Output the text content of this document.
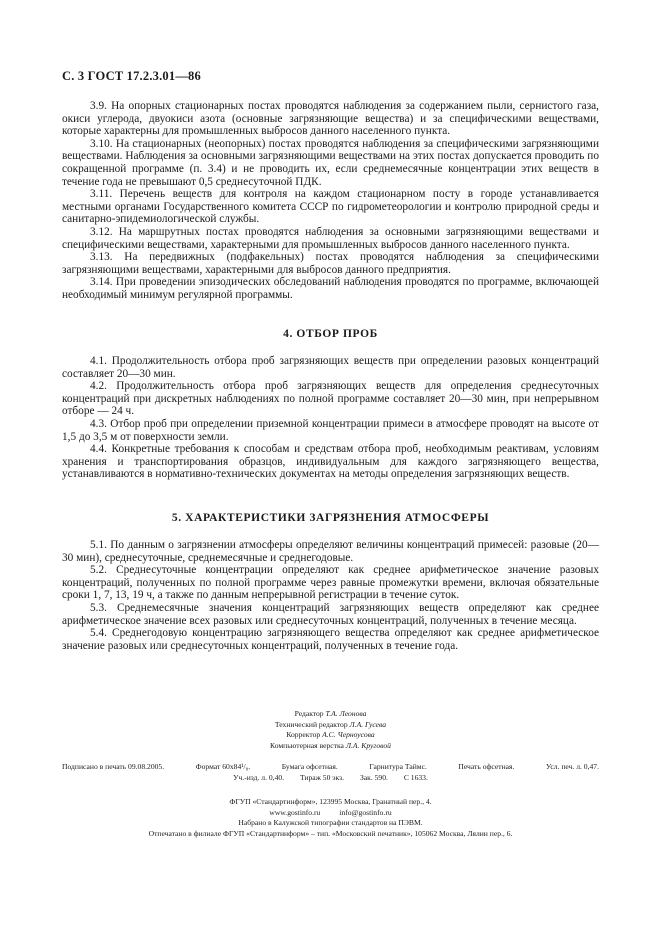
С. 3 ГОСТ 17.2.3.01—86

3.9. На опорных стационарных постах проводятся наблюдения за содержанием пыли, сернистого газа, окиси углерода, двуокиси азота (основные загрязняющие вещества) и за специфическими веществами, которые характерны для промышленных выбросов данного населенного пункта.

3.10. На стационарных (неопорных) постах проводятся наблюдения за специфическими загрязняющими веществами. Наблюдения за основными загрязняющими веществами на этих постах допускается проводить по сокращенной программе (п. 3.4) и не проводить их, если среднемесячные концентрации этих веществ в течение года не превышают 0,5 среднесуточной ПДК.

3.11. Перечень веществ для контроля на каждом стационарном посту в городе устанавливается местными органами Государственного комитета СССР по гидрометеорологии и контролю природной среды и санитарно-эпидемиологической службы.

3.12. На маршрутных постах проводятся наблюдения за основными загрязняющими веществами и специфическими веществами, характерными для промышленных выбросов данного населенного пункта.

3.13. На передвижных (подфакельных) постах проводятся наблюдения за специфическими загрязняющими веществами, характерными для выбросов данного предприятия.

3.14. При проведении эпизодических обследований наблюдения проводятся по программе, включающей необходимый минимум регулярной программы.

4. ОТБОР ПРОБ

4.1. Продолжительность отбора проб загрязняющих веществ при определении разовых концентраций составляет 20—30 мин.

4.2. Продолжительность отбора проб загрязняющих веществ для определения среднесуточных концентраций при дискретных наблюдениях по полной программе составляет 20—30 мин, при непрерывном отборе — 24 ч.

4.3. Отбор проб при определении приземной концентрации примеси в атмосфере проводят на высоте от 1,5 до 3,5 м от поверхности земли.

4.4. Конкретные требования к способам и средствам отбора проб, необходимым реактивам, условиям хранения и транспортирования образцов, индивидуальным для каждого загрязняющего вещества, устанавливаются в нормативно-технических документах на методы определения загрязняющих веществ.

5. ХАРАКТЕРИСТИКИ ЗАГРЯЗНЕНИЯ АТМОСФЕРЫ

5.1. По данным о загрязнении атмосферы определяют величины концентраций примесей: разовые (20—30 мин), среднесуточные, среднемесячные и среднегодовые.

5.2. Среднесуточные концентрации определяют как среднее арифметическое значение разовых концентраций, полученных по полной программе через равные промежутки времени, включая обязательные сроки 1, 7, 13, 19 ч, а также по данным непрерывной регистрации в течение суток.

5.3. Среднемесячные значения концентраций загрязняющих веществ определяют как среднее арифметическое значение всех разовых или среднесуточных концентраций, полученных в течение месяца.

5.4. Среднегодовую концентрацию загрязняющего вещества определяют как среднее арифметическое значение разовых или среднесуточных концентраций, полученных в течение года.

Редактор Т.А. Леонова
Технический редактор Л.А. Гусева
Корректор А.С. Черноусова
Компьютерная верстка Л.А. Круговой
Подписано в печать 09.08.2005.	Формат 60x84¹/₈.	Бумага офсетная.	Гарнитура Таймс.	Печать офсетная.	Усл. печ. л. 0,47.
Уч.-изд. л. 0,40. Тираж 50 экз. Зак. 590. С 1633.
ФГУП «Стандартинформ», 123995 Москва, Гранатный пер., 4.
www.gostinfo.ru          info@gostinfo.ru
Набрано в Калужской типографии стандартов на ПЭВМ.
Отпечатано в филиале ФГУП «Стандартинформ» – тип. «Московский печатник», 105062 Москва, Лялин пер., 6.
